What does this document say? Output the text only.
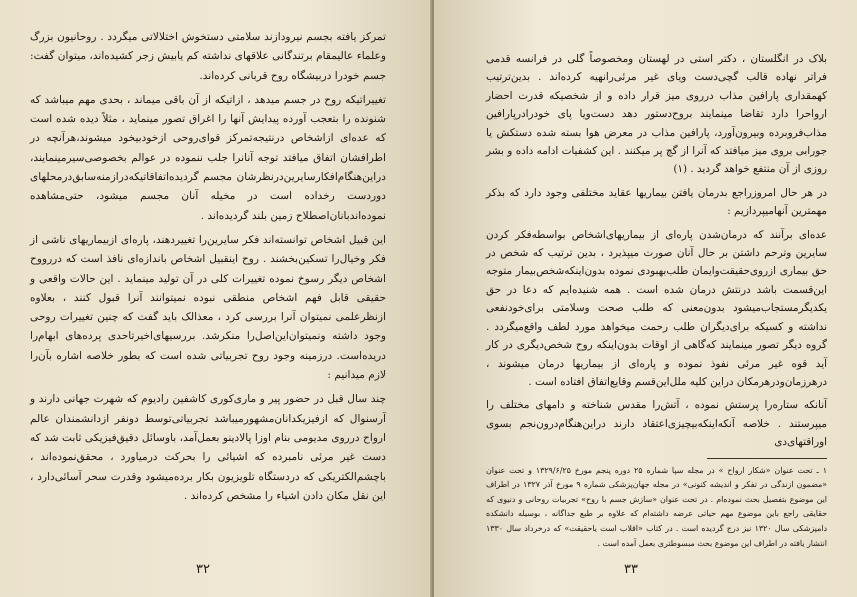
تمرکز یافته بجسم نیرودازند سلامتی دستخوش اختلالاتی میگردد . روحانیون بزرگ وعلماء عالیمقام برتندگانی علاقهای نداشته کم یابیش زجر کشیده‌اند، میتوان گفت: جسم خودرا دربیشگاه روح قربانی کرده‌اند.

تغییراتیکه روح در جسم میدهد ، ازاتیکه از آن باقی میماند ، بحدی مهم میباشد که شنونده را بتعجب آورده پیدایش آنها را اغراق تصور مینماید ، مثلاً دیده شده است که عده‌ای ازاشخاص درنتیجه‌تمرکز قوای‌روحی ازخودبیخود میشوند،هرآنچه در اطرافشان اتفاق میافتد توجه آنانرا جلب ننموده در عوالم بخصوصی‌سیرمینمایند، دراین‌هنگام‌افکارسایرین‌درنظرشان مجسم گردیده‌اتفاقاتیکه‌درازمنه‌سابق‌درمحلهای دوردست رخداده است در مخیله آنان مجسم میشود، حتی‌مشاهده نموده‌اندبانان‌اصطلاح زمین بلند گردیده‌اند .

این قبیل اشخاص توانسته‌اند فکر سایرین‌را تغییردهند، پاره‌ای ازبیماریهای ناشی از فکر وخیال‌را تسکین‌بخشند . روح اینقبیل اشخاص باندازه‌ای نافذ است که دررووح اشخاص دیگر رسوخ نموده تغییرات کلی در آن تولید مینماید . این حالات واقعی و حقیقی قابل فهم اشخاص منطقی نبوده نمیتوانند آنرا قبول کنند ، بعلاوه ازنظرعلمی نمیتوان آنرا بررسی کرد ، معذالک باید گفت که چنین تغییرات روحی وجود داشته ونمیتوان‌این‌اصل‌را منکرشد. بررسیهای‌اخیر‌تاحدی پرده‌های ابهام‌را دریده‌است. درزمینه وجود روح تجربیاتی شده است که بطور خلاصه اشاره بآن‌را لازم میدانیم :

چند سال قبل در حضور پیر و ماری‌کوری کاشفین رادیوم که شهرت جهانی دارند و آرسنوال که ازفیزیکدانان‌مشهورمیباشد تجربیاتی‌توسط دونفر ازدانشمندان عالم ارواح درروی مدیومی بنام اوزا پالادینو بعمل‌آمد، باوسائل دقیق‌فیزیکی ثابت شد که دست غیر مرئی نامبرده که اشیائی را بحرکت درمیاورد ، محقق‌نموده‌اند ، باچشم‌الکتریکی که دردستگاه تلویزیون بکار برده‌میشود وقدرت سحر آسائی‌دارد ، این نقل مکان دادن اشیاء را مشخص کرده‌اند .

۳۲

بلاک در انگلستان ، دکتر استی در لهستان ومخصوصاً گلی در فرانسه قدمی فراتر نهاده قالب گچی‌دست ویای غیر مرئی‌رانهیه کرده‌اند . بدین‌ترتیب کهمقداری پارافین مذاب درروی میز قرار داده و از شخصیکه قدرت احضار ارواحرا دارد تقاضا مینمایند بروح‌دستور دهد دست‌ویا پای خودرادرپارافین مذاب‌فروبرده وبیرون‌آورد، پارافین مذاب در معرض هوا بسته شده دستکش یا جورابی بروی میز میافتد که آنرا از گچ پر میکنند . این کشفیات ادامه داده و بشر روزی از آن منتفع خواهد گردید . (۱)

در هر حال امروزراجع بدرمان یافتن بیماریها عقاید مختلفی وجود دارد که بذکر مهمترین آنهامیپردازیم :

عده‌ای برآنند که درمان‌شدن پاره‌ای از بیماریهای‌اشخاص بواسطه‌فکر کردن سایرین وترحم داشتن بر حال آنان صورت میپذیرد ، بدین ترتیب که شخص در حق بیماری ازروی‌حقیقت‌وایمان طلب‌بهبودی نموده بدون‌اینکه‌شخص‌بیمار متوجه این‌قسمت باشد درنتش درمان شده است . همه شنیده‌ایم که دعا در حق یکدیگرمستجاب‌میشود بدون‌معنی که طلب صحت وسلامتی برای‌خودنفعی نداشته و کسیکه برای‌دیگران طلب رحمت میخواهد مورد لطف واقع‌میگردد . گروه دیگر تصور مینمایند که‌گاهی از اوقات بدون‌اینکه روح شخص‌دیگری در کار آید قوه غیر مرئی نفوذ نموده و پاره‌ای از بیماریها درمان میشوند ، درهرزمان‌ودرهرمکان دراین کلیه ملل‌این‌قسم وقایع‌اتفاق افتاده است .

آنانکه ستاره‌را پرستش نموده ، آتش‌را مقدس شناخته و دامهای مختلف را میپرستند . خلاصه آنکه‌اینکه‌بیچیزی‌اعتقاد دارند دراین‌هنگام‌درون‌نجم بسوی اوراقتهای‌دی

۱ ـ تحت عنوان «شکار ارواح » در مجله سپا شماره ۲۵ دوره پنجم مورخ ۱۳۲۹/۶/۲۵ و تحت عنوان «مضمون ازندگی در تفکر و اندیشه کنونی» در مجله جهان‌پزشکی شماره ۹ مورخ آذر ۱۳۲۷ در اطراف این موضوع بتفصیل بحث نموده‌ام . در تحت عنوان «سازش جسم با روح» تجربیات روحانی و دنیوی که حقایقی راجع باین موضوع مهم حیاتی عرضه داشته‌ام که علاوه بر طبع جداگانه ، بوسیله دانشکده دامپزشکی سال ۱۳۲۰ نیز درج گردیده است . در کتاب «اقلاب است یاحقیقت» که درخرداد سال ۱۳۳۰ انتشار یافته در اطراف این موضوع بحث مبسوطتری بعمل آمده است .

۳۳
